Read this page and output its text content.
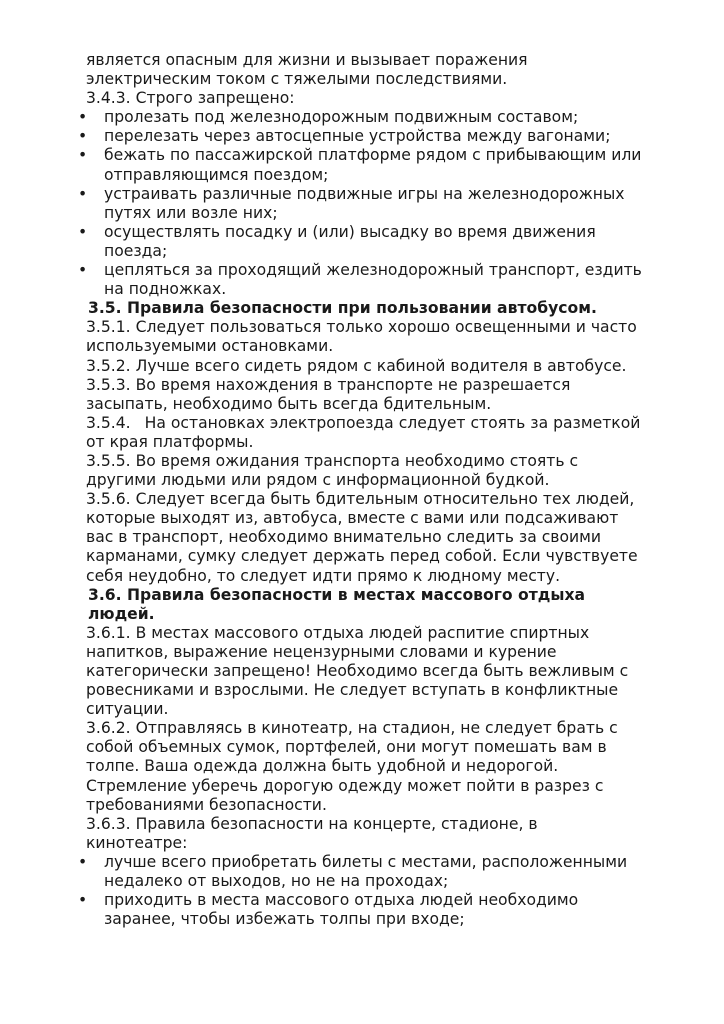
является опасным для жизни и вызывает поражения

электрическим током с тяжелыми последствиями.

3.4.3. Строго запрещено:

• пролезать под железнодорожным подвижным составом;
• перелезать через автосцепные устройства между вагонами;
• бежать по пассажирской платформе рядом с прибывающим или
отправляющимся поездом;
• устраивать различные подвижные игры на железнодорожных
путях или возле них;
• осуществлять посадку и (или) высадку во время движения
поезда;
• цепляться за проходящий железнодорожный транспорт, ездить
на подножках.

3.5. Правила безопасности при пользовании автобусом.

3.5.1. Следует пользоваться только хорошо освещенными и часто
используемыми остановками.

3.5.2. Лучше всего сидеть рядом с кабиной водителя в автобусе.

3.5.3. Во время нахождения в транспорте не разрешается
засыпать, необходимо быть всегда бдительным.

3.5.4. На остановках электропоезда следует стоять за разметкой
от края платформы.

3.5.5. Во время ожидания транспорта необходимо стоять с
другими людьми или рядом с информационной будкой.

3.5.6. Следует всегда быть бдительным относительно тех людей,
которые выходят из, автобуса, вместе с вами или подсаживают
вас в транспорт, необходимо внимательно следить за своими
карманами, сумку следует держать перед собой. Если чувствуете
себя неудобно, то следует идти прямо к людному месту.

3.6. Правила безопасности в местах массового отдыха
людей.

3.6.1. В местах массового отдыха людей распитие спиртных
напитков, выражение нецензурными словами и курение
категорически запрещено! Необходимо всегда быть вежливым с
ровесниками и взрослыми. Не следует вступать в конфликтные
ситуации.

3.6.2. Отправляясь в кинотеатр, на стадион, не следует брать с
собой объемных сумок, портфелей, они могут помешать вам в
толпе. Ваша одежда должна быть удобной и недорогой.
Стремление уберечь дорогую одежду может пойти в разрез с
требованиями безопасности.

3.6.3. Правила безопасности на концерте, стадионе, в
кинотеатре:

• лучше всего приобретать билеты с местами, расположенными
недалеко от выходов, но не на проходах;
• приходить в места массового отдыха людей необходимо
заранее, чтобы избежать толпы при входе;
